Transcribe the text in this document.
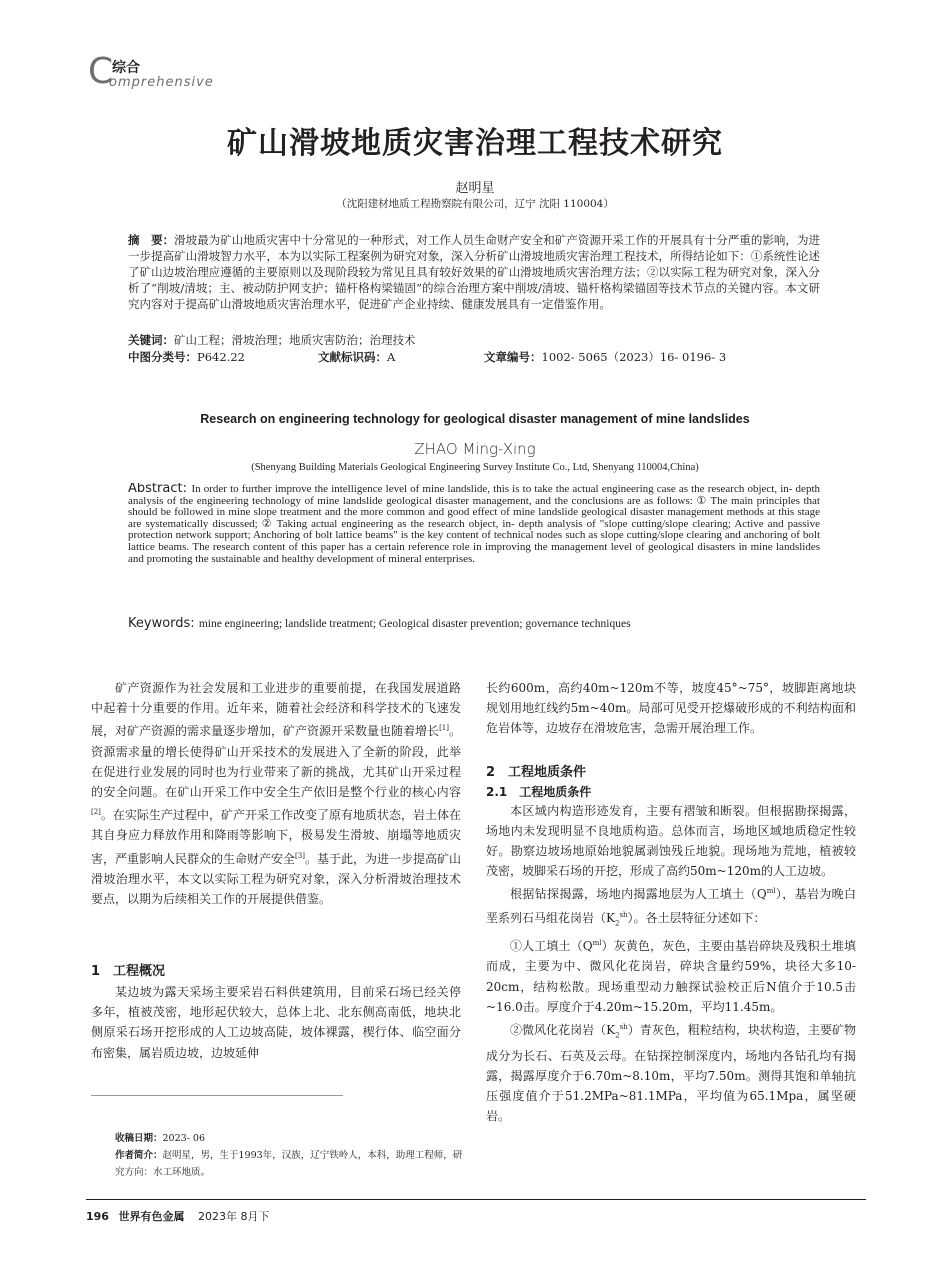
C
综合
omprehensive
矿山滑坡地质灾害治理工程技术研究
赵明星
（沈阳建材地质工程勘察院有限公司，辽宁 沈阳 110004）
摘　要：滑坡最为矿山地质灾害中十分常见的一种形式，对工作人员生命财产安全和矿产资源开采工作的开展具有十分严重的影响，为进一步提高矿山滑坡智力水平，本为以实际工程案例为研究对象，深入分析矿山滑坡地质灾害治理工程技术，所得结论如下：①系统性论述了矿山边坡治理应遵循的主要原则以及现阶段较为常见且具有较好效果的矿山滑坡地质灾害治理方法；②以实际工程为研究对象，深入分析了“削坡/清坡；主、被动防护网支护；锚杆格构梁锚固”的综合治理方案中削坡/清坡、锚杆格构梁锚固等技术节点的关键内容。本文研究内容对于提高矿山滑坡地质灾害治理水平，促进矿产企业持续、健康发展具有一定借鉴作用。
关键词：矿山工程；滑坡治理；地质灾害防治；治理技术
中图分类号：P642.22	文献标识码：A	文章编号：1002- 5065（2023）16- 0196- 3
Research on engineering technology for geological disaster management of mine landslides
ZHAO Ming-Xing
(Shenyang Building Materials Geological Engineering Survey Institute Co., Ltd, Shenyang 110004,China)
Abstract: In order to further improve the intelligence level of mine landslide, this is to take the actual engineering case as the research object, in- depth analysis of the engineering technology of mine landslide geological disaster management, and the conclusions are as follows: ① The main principles that should be followed in mine slope treatment and the more common and good effect of mine landslide geological disaster management methods at this stage are systematically discussed; ② Taking actual engineering as the research object, in- depth analysis of "slope cutting/slope clearing; Active and passive protection network support; Anchoring of bolt lattice beams" is the key content of technical nodes such as slope cutting/slope clearing and anchoring of bolt lattice beams. The research content of this paper has a certain reference role in improving the management level of geological disasters in mine landslides and promoting the sustainable and healthy development of mineral enterprises.
Keywords: mine engineering; landslide treatment; Geological disaster prevention; governance techniques

矿产资源作为社会发展和工业进步的重要前提，在我国发展道路中起着十分重要的作用。近年来，随着社会经济和科学技术的飞速发展，对矿产资源的需求量逐步增加，矿产资源开采数量也随着增长[1]。资源需求量的增长使得矿山开采技术的发展进入了全新的阶段，此举在促进行业发展的同时也为行业带来了新的挑战，尤其矿山开采过程的安全问题。在矿山开采工作中安全生产依旧是整个行业的核心内容[2]。在实际生产过程中，矿产开采工作改变了原有地质状态，岩土体在其自身应力释放作用和降雨等影响下，极易发生滑坡、崩塌等地质灾害，严重影响人民群众的生命财产安全[3]。基于此，为进一步提高矿山滑坡治理水平，本文以实际工程为研究对象，深入分析滑坡治理技术要点，以期为后续相关工作的开展提供借鉴。

1　工程概况

某边坡为露天采场主要采岩石料供建筑用，目前采石场已经关停多年，植被茂密，地形起伏较大，总体上北、北东侧高南低，地块北侧原采石场开挖形成的人工边坡高陡，坡体裸露，楔行体、临空面分布密集，属岩质边坡，边坡延伸

长约600m，高约40m~120m不等，坡度45°~75°，坡脚距离地块规划用地红线约5m~40m。局部可见受开挖爆破形成的不利结构面和危岩体等，边坡存在滑坡危害，急需开展治理工作。

2　工程地质条件
2.1　工程地质条件

本区域内构造形迹发育，主要有褶皱和断裂。但根据勘探揭露，场地内未发现明显不良地质构造。总体而言，场地区域地质稳定性较好。勘察边坡场地原始地貌属剥蚀残丘地貌。现场地为荒地，植被较茂密，坡脚采石场的开挖，形成了高约50m~120m的人工边坡。

根据钻探揭露，场地内揭露地层为人工填土$(Q^{ml})$，基岩为晚白垩系列石马组花岗岩$(K_2^{sh})$。各土层特征分述如下：

①人工填土$(Q^{ml})$灰黄色，灰色，主要由基岩碎块及残积土堆填而成，主要为中、微风化花岗岩，碎块含量约59%，块径大多10-20cm，结构松散。现场重型动力触探试验校正后N值介于10.5击~16.0击。厚度介于4.20m~15.20m，平均11.45m。

②微风化花岗岩$(K_2^{sh})$青灰色，粗粒结构，块状构造，主要矿物成分为长石、石英及云母。在钻探控制深度内，场地内各钻孔均有揭露，揭露厚度介于6.70m~8.10m，平均7.50m。测得其饱和单轴抗压强度值介于51.2MPa~81.1MPa，平均值为65.1Mpa，属坚硬岩。

收稿日期：2023- 06
作者简介：赵明星，男，生于1993年，汉族，辽宁铁岭人，本科，助理工程师，研究方向：水工环地质。
196 世界有色金属 2023年 8月下
